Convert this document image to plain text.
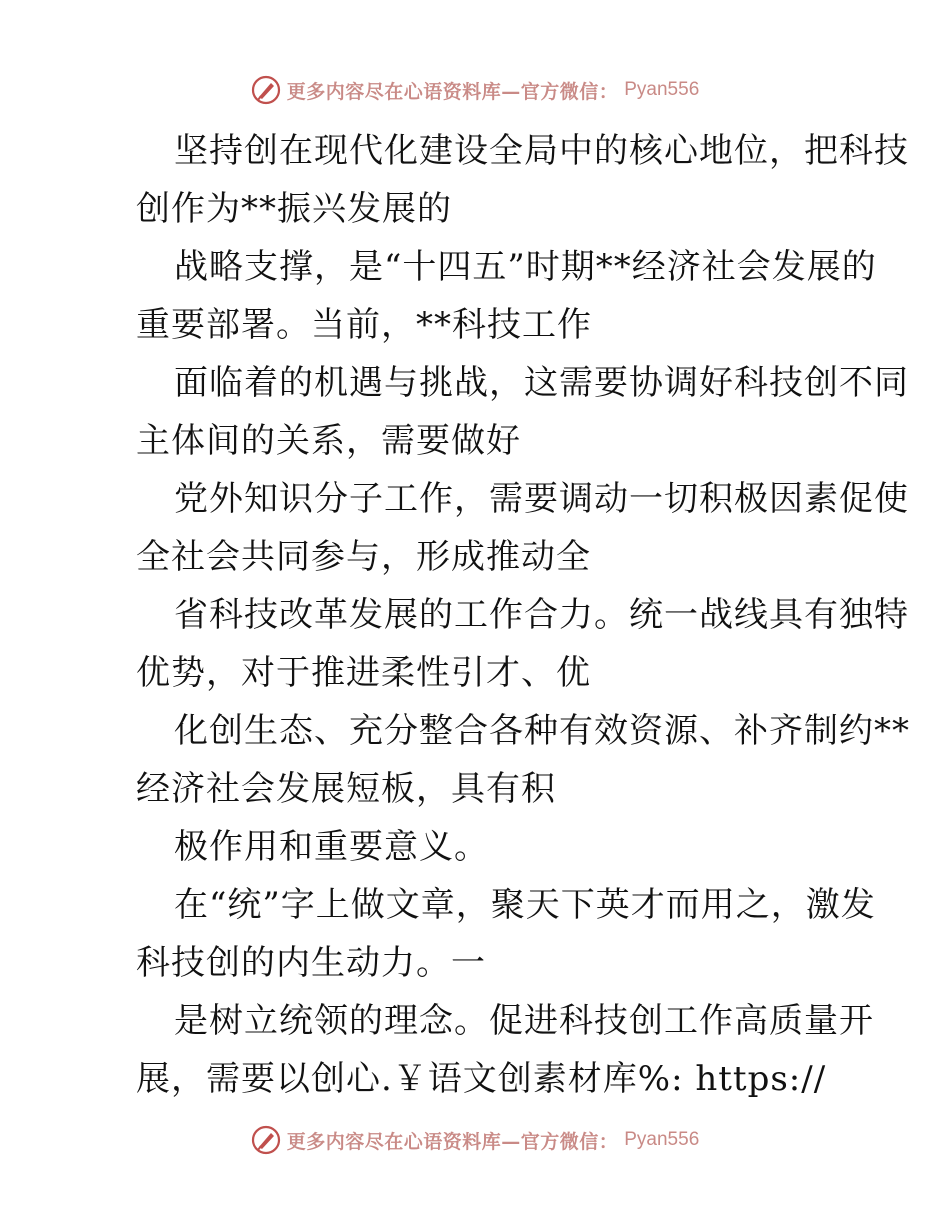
更多内容尽在心语资料库—官方微信： Pyan556
坚持创在现代化建设全局中的核心地位，把科技
创作为**振兴发展的
战略支撑，是“十四五”时期**经济社会发展的
重要部署。当前，**科技工作
面临着的机遇与挑战，这需要协调好科技创不同
主体间的关系，需要做好
党外知识分子工作，需要调动一切积极因素促使
全社会共同参与，形成推动全
省科技改革发展的工作合力。统一战线具有独特
优势，对于推进柔性引才、优
化创生态、充分整合各种有效资源、补齐制约**
经济社会发展短板，具有积
极作用和重要意义。
在“统”字上做文章，聚天下英才而用之，激发
科技创的内生动力。一
是树立统领的理念。促进科技创工作高质量开
展，需要以创心.￥语文创素材库%: https://
更多内容尽在心语资料库—官方微信： Pyan556
